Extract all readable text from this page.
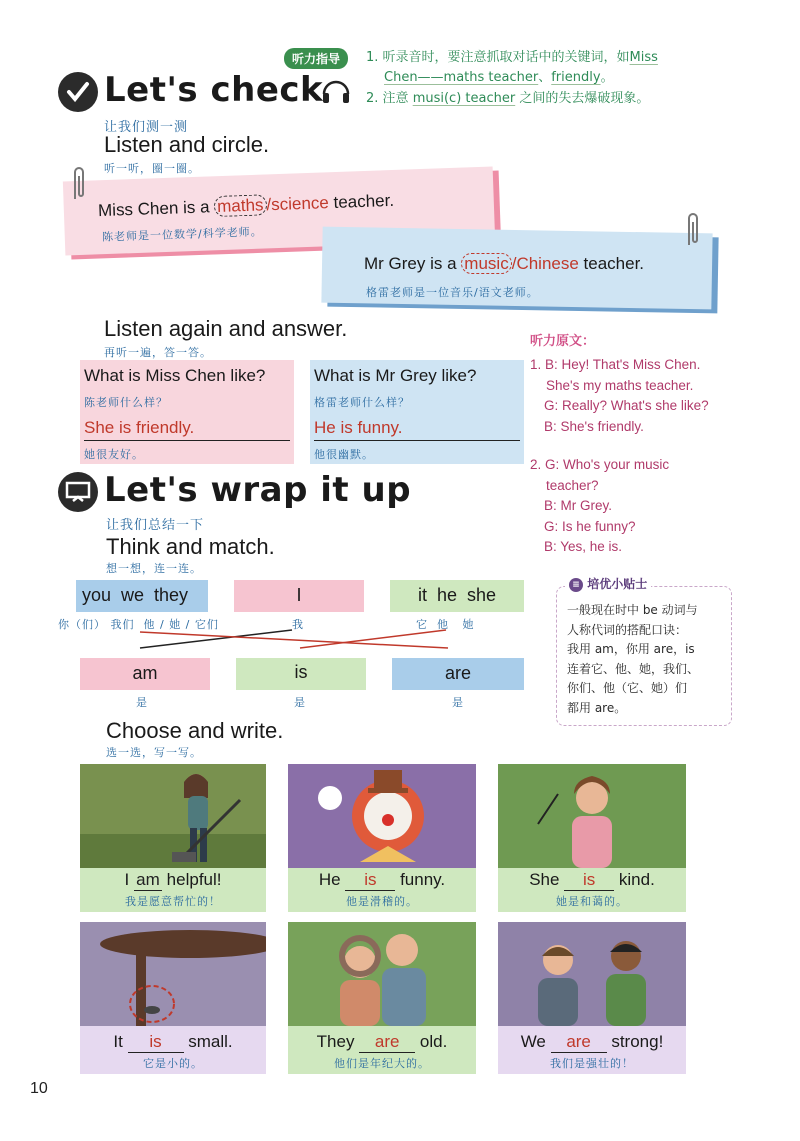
听力指导	1. 听录音时，要注意抓取对话中的关键词，如Miss
Chen——maths teacher、friendly。
2. 注意 musi(c) teacher 之间的失去爆破现象。
Let's check
让我们测一测
Listen and circle.
听一听，圈一圈。
Miss Chen is a maths /science teacher.
陈老师是一位数学/科学老师。
Mr Grey is a music /Chinese teacher.
格雷老师是一位音乐/语文老师。
Listen again and answer.
再听一遍，答一答。
What is Miss Chen like?
陈老师什么样？
She is friendly.
她很友好。
What is Mr Grey like?
格雷老师什么样？
He is funny.
他很幽默。
听力原文：
1. B: Hey! That's Miss Chen.
She's my maths teacher.
G: Really? What's she like?
B: She's friendly.
2. G: Who's your music
teacher?
B: Mr Grey.
G: Is he funny?
B: Yes, he is.
Let's wrap it up
让我们总结一下
Think and match.
想一想，连一连。
you  we  they
你（们） 我们  他 / 她 / 它们
I
我
it  he  she
它  他   她
am
是
is
是
are
是
≡ 培优小贴士
一般现在时中 be 动词与
人称代词的搭配口诀：
我用 am，你用 are，is
连着它、他、她，我们、
你们、他（它、她）们
都用 are。
Choose and write.
选一选，写一写。
I am helpful!
我是愿意帮忙的！
He is funny.
他是滑稽的。
She is kind.
她是和蔼的。
It is small.
它是小的。
They are old.
他们是年纪大的。
We are strong!
我们是强壮的！
10
